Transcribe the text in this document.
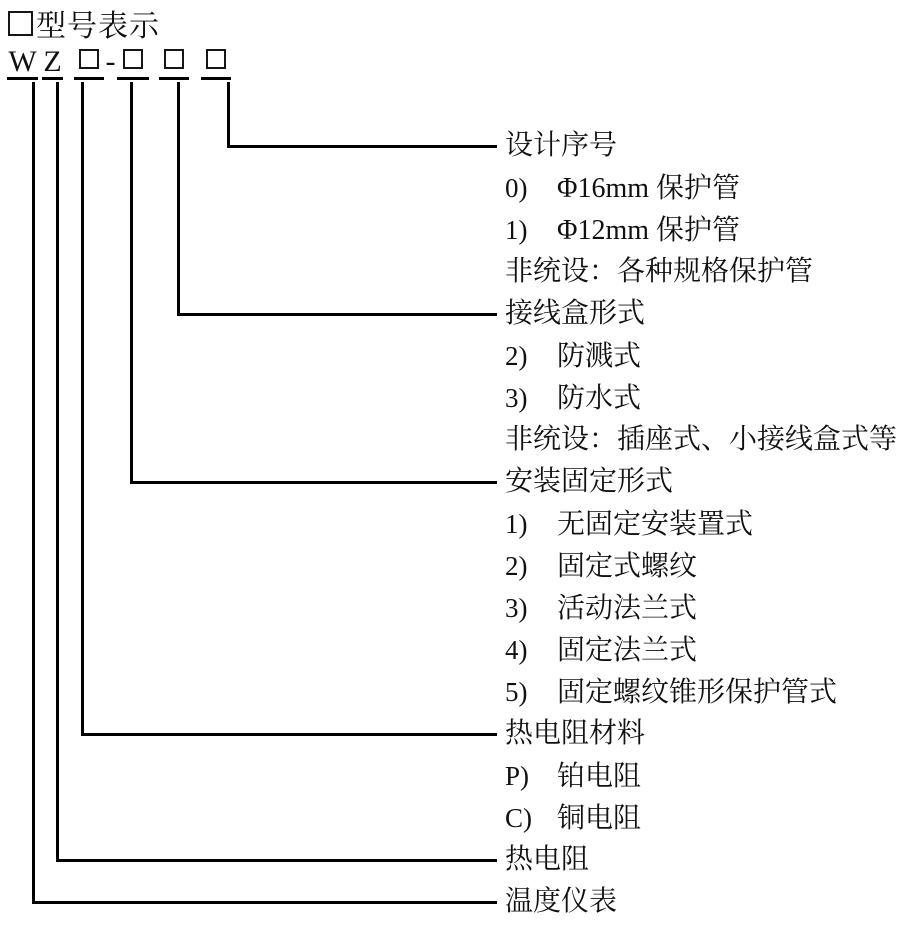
型号表示
W Z -
设计序号
0) Φ16mm 保护管
1) Φ12mm 保护管
非统设：各种规格保护管
接线盒形式
2) 防溅式
3) 防水式
非统设：插座式、小接线盒式等
安装固定形式
1) 无固定安装置式
2) 固定式螺纹
3) 活动法兰式
4) 固定法兰式
5) 固定螺纹锥形保护管式
热电阻材料
P) 铂电阻
C) 铜电阻
热电阻
温度仪表
